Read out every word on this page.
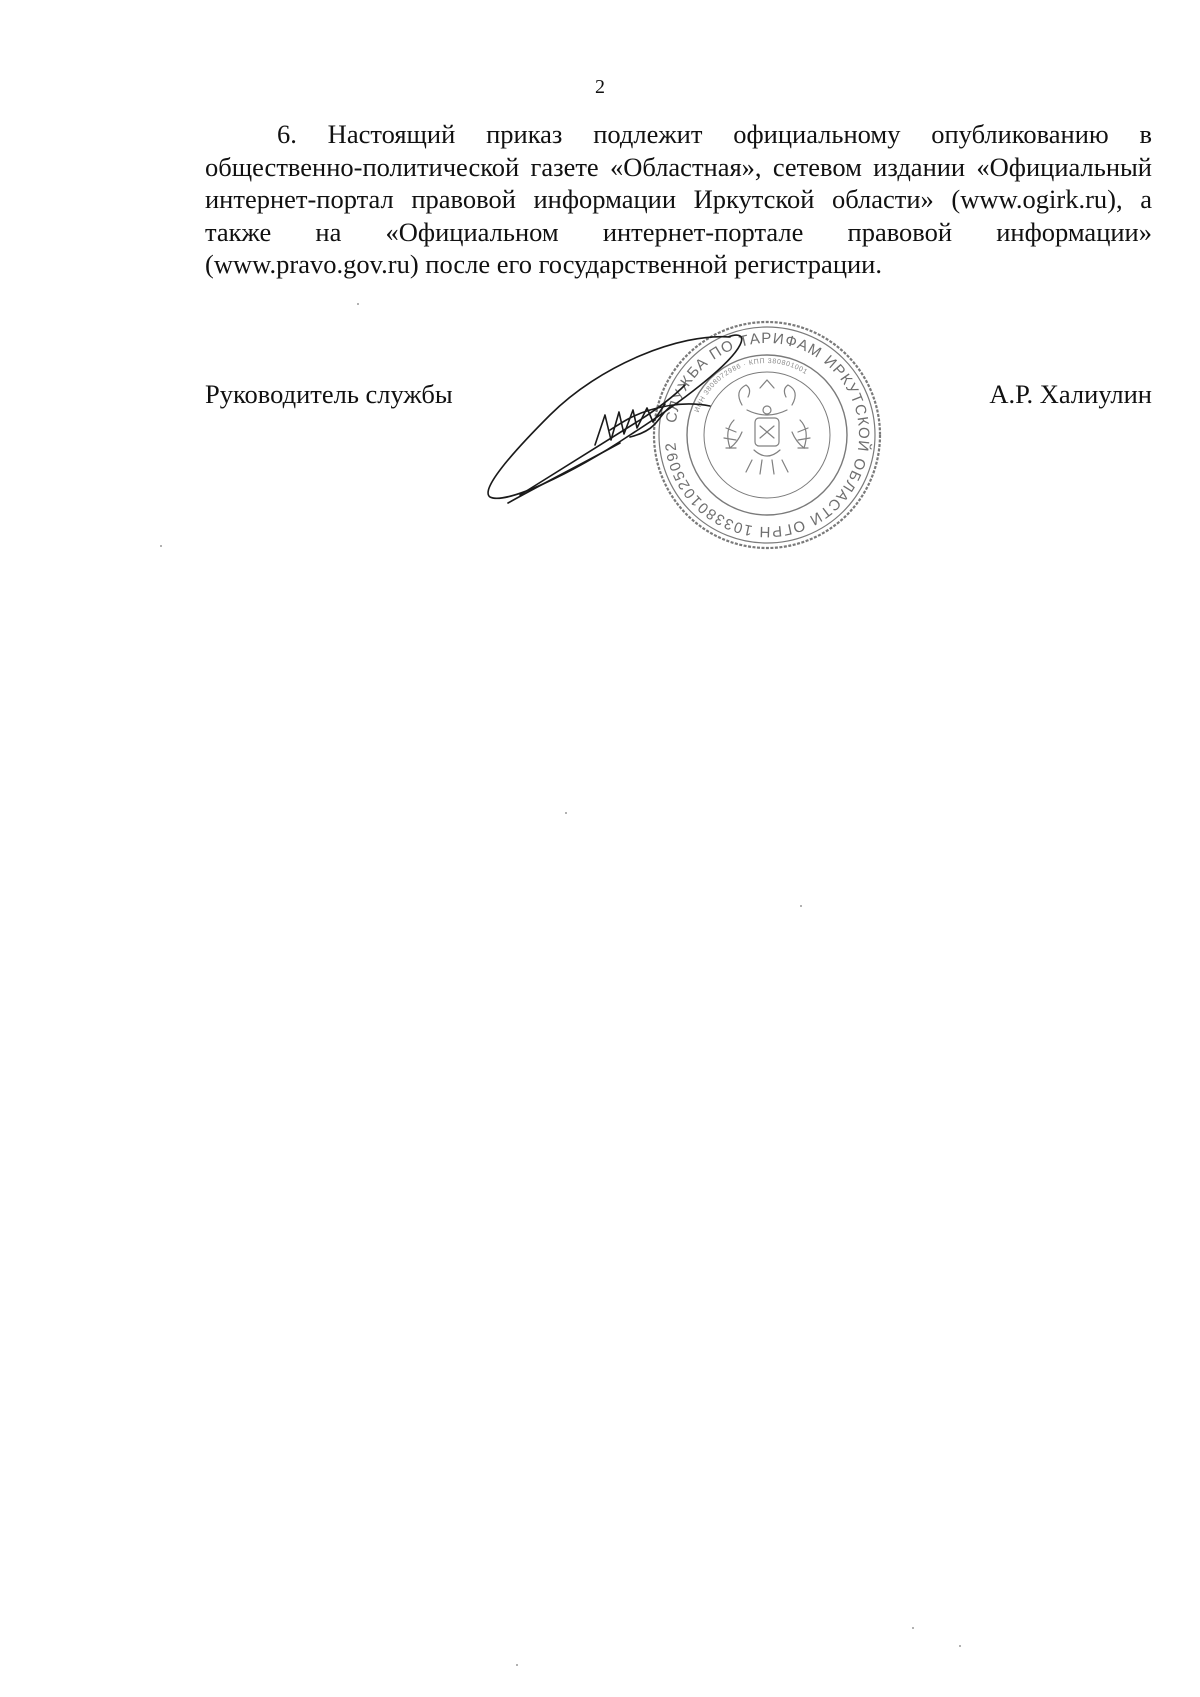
2

6. Настоящий приказ подлежит официальному опубликованию в общественно-политической газете «Областная», сетевом издании «Официальный интернет-портал правовой информации Иркутской области» (www.ogirk.ru), а также на «Официальном интернет-портале правовой информации» (www.pravo.gov.ru) после его государственной регистрации.

Руководитель службы	А.Р. Халиулин
СЛУЖБА ПО ТАРИФАМ ИРКУТСКОЙ ОБЛАСТИ ОГРН 1033801025092
ИНН 3808072986 · КПП 380801001
